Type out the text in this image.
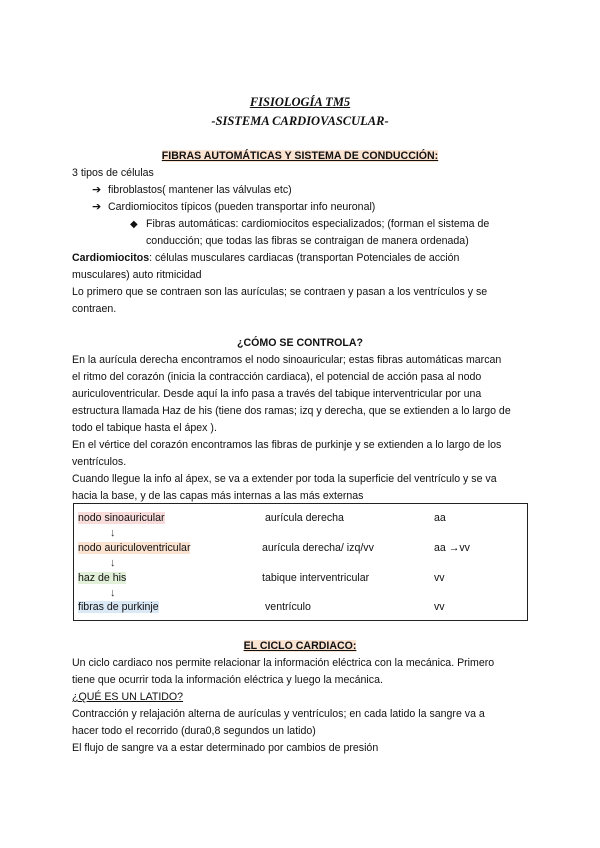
FISIOLOGÍA TM5
-SISTEMA CARDIOVASCULAR-
FIBRAS AUTOMÁTICAS Y SISTEMA DE CONDUCCIÓN:
3 tipos de células
➔ fibroblastos( mantener las válvulas etc)
➔ Cardiomiocitos típicos (pueden transportar info neuronal)
◆ Fibras automáticas: cardiomiocitos especializados; (forman el sistema de
conducción; que todas las fibras se contraigan de manera ordenada)
Cardiomiocitos: células musculares cardiacas (transportan Potenciales de acción
musculares) auto ritmicidad
Lo primero que se contraen son las aurículas; se contraen y pasan a los ventrículos y se
contraen.
¿CÓMO SE CONTROLA?
En la aurícula derecha encontramos el nodo sinoauricular; estas fibras automáticas marcan
el ritmo del corazón (inicia la contracción cardiaca), el potencial de acción pasa al nodo
auriculoventricular. Desde aquí la info pasa a través del tabique interventricular por una
estructura llamada Haz de his (tiene dos ramas; izq y derecha, que se extienden a lo largo de
todo el tabique hasta el ápex ).
En el vértice del corazón encontramos las fibras de purkinje y se extienden a lo largo de los
ventrículos.
Cuando llegue la info al ápex, se va a extender por toda la superficie del ventrículo y se va
hacia la base, y de las capas más internas a las más externas
nodo sinoauricular	aurícula derecha	aa
↓
nodo auriculoventricular	aurícula derecha/ izq/vv	aa →vv
↓
haz de his	tabique interventricular	vv
↓
fibras de purkinje	ventrículo	vv
EL CICLO CARDIACO:
Un ciclo cardiaco nos permite relacionar la información eléctrica con la mecánica. Primero
tiene que ocurrir toda la información eléctrica y luego la mecánica.
¿QUÉ ES UN LATIDO?
Contracción y relajación alterna de aurículas y ventrículos; en cada latido la sangre va a
hacer todo el recorrido (dura0,8 segundos un latido)
El flujo de sangre va a estar determinado por cambios de presión
